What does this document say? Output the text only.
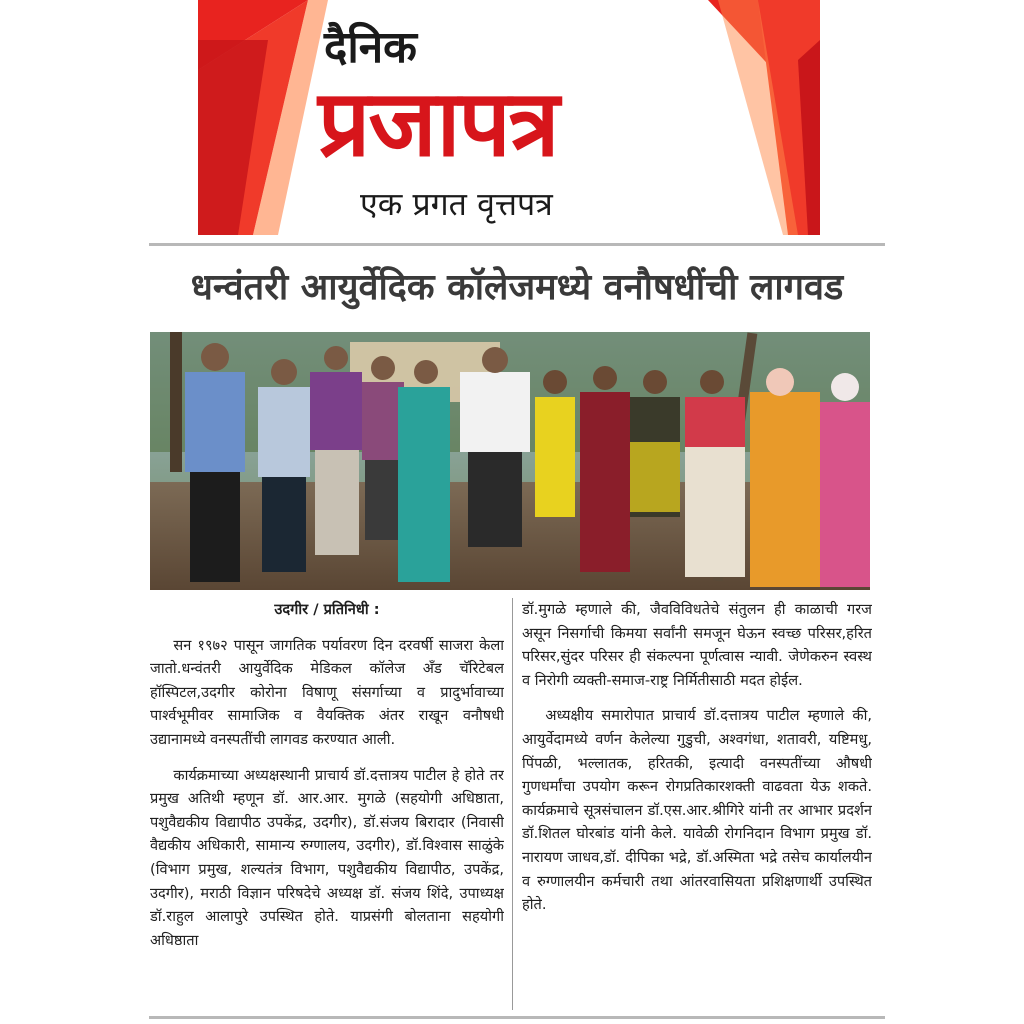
दैनिक
प्रजापत्र
एक प्रगत वृत्तपत्र
धन्वंतरी आयुर्वेदिक कॉलेजमध्ये वनौषधींची लागवड

उदगीर / प्रतिनिधी :

सन १९७२ पासून जागतिक पर्यावरण दिन दरवर्षी साजरा केला जातो.धन्वंतरी आयुर्वेदिक मेडिकल कॉलेज अँड चॅरिटेबल हॉस्पिटल,उदगीर कोरोना विषाणू संसर्गाच्या व प्रादुर्भावाच्या पार्श्वभूमीवर सामाजिक व वैयक्तिक अंतर राखून वनौषधी उद्यानामध्ये वनस्पतींची लागवड करण्यात आली.

कार्यक्रमाच्या अध्यक्षस्थानी प्राचार्य डॉ.दत्तात्रय पाटील हे होते तर प्रमुख अतिथी म्हणून डॉ. आर.आर. मुगळे (सहयोगी अधिष्ठाता, पशुवैद्यकीय विद्यापीठ उपकेंद्र, उदगीर), डॉ.संजय बिरादार (निवासी वैद्यकीय अधिकारी, सामान्य रुग्णालय, उदगीर), डॉ.विश्वास साळुंके (विभाग प्रमुख, शल्यतंत्र विभाग, पशुवैद्यकीय विद्यापीठ, उपकेंद्र, उदगीर), मराठी विज्ञान परिषदेचे अध्यक्ष डॉ. संजय शिंदे, उपाध्यक्ष डॉ.राहुल आलापुरे उपस्थित होते. याप्रसंगी बोलताना सहयोगी अधिष्ठाता

डॉ.मुगळे म्हणाले की, जैवविविधतेचे संतुलन ही काळाची गरज असून निसर्गाची किमया सर्वांनी समजून घेऊन स्वच्छ परिसर,हरित परिसर,सुंदर परिसर ही संकल्पना पूर्णत्वास न्यावी. जेणेकरुन स्वस्थ व निरोगी व्यक्ती-समाज-राष्ट्र निर्मितीसाठी मदत होईल.

अध्यक्षीय समारोपात प्राचार्य डॉ.दत्तात्रय पाटील म्हणाले की, आयुर्वेदामध्ये वर्णन केलेल्या गुडुची, अश्वगंधा, शतावरी, यष्टिमधु, पिंपळी, भल्लातक, हरितकी, इत्यादी वनस्पतींच्या औषधी गुणधर्मांचा उपयोग करून रोगप्रतिकारशक्ती वाढवता येऊ शकते. कार्यक्रमाचे सूत्रसंचालन डॉ.एस.आर.श्रीगिरे यांनी तर आभार प्रदर्शन डॉ.शितल घोरबांड यांनी केले. यावेळी रोगनिदान विभाग प्रमुख डॉ. नारायण जाधव,डॉ. दीपिका भद्रे, डॉ.अस्मिता भद्रे तसेच कार्यालयीन व रुग्णालयीन कर्मचारी तथा आंतरवासियता प्रशिक्षणार्थी उपस्थित होते.
